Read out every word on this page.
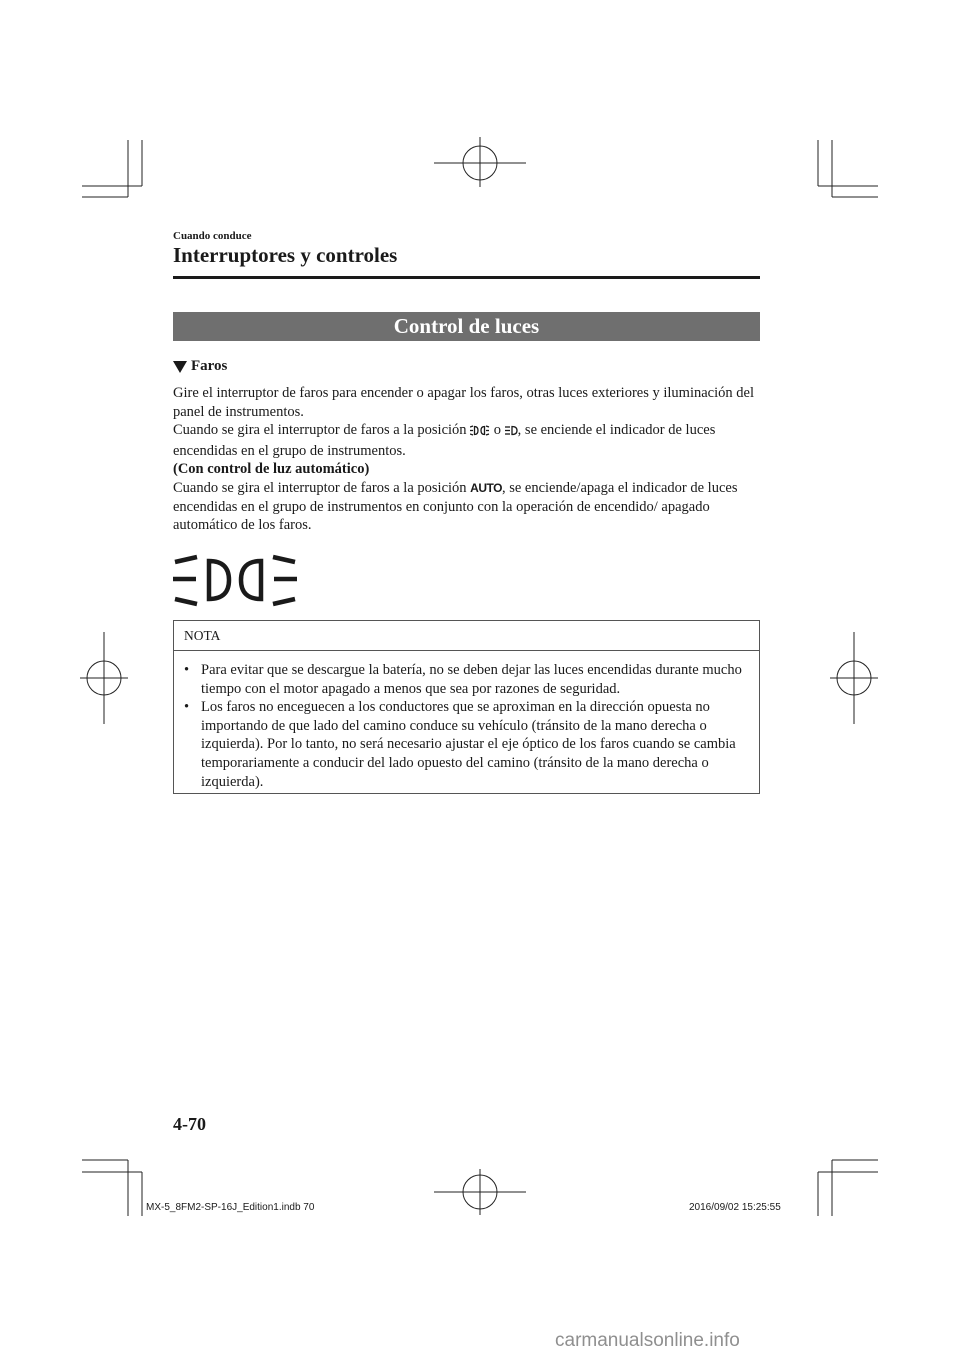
Cuando conduce
Interruptores y controles
Control de luces
Faros

Gire el interruptor de faros para encender o apagar los faros, otras luces exteriores y iluminación del panel de instrumentos.

Cuando se gira el interruptor de faros a la posición  o , se enciende el indicador de luces encendidas en el grupo de instrumentos.

(Con control de luz automático)

Cuando se gira el interruptor de faros a la posición AUTO, se enciende/apaga el indicador de luces encendidas en el grupo de instrumentos en conjunto con la operación de encendido/ apagado automático de los faros.

NOTA
• Para evitar que se descargue la batería, no se deben dejar las luces encendidas durante mucho tiempo con el motor apagado a menos que sea por razones de seguridad.
• Los faros no enceguecen a los conductores que se aproximan en la dirección opuesta no importando de que lado del camino conduce su vehículo (tránsito de la mano derecha o izquierda). Por lo tanto, no será necesario ajustar el eje óptico de los faros cuando se cambia temporariamente a conducir del lado opuesto del camino (tránsito de la mano derecha o izquierda).
4-70
MX-5_8FM2-SP-16J_Edition1.indb 70	2016/09/02 15:25:55
carmanualsonline.info
